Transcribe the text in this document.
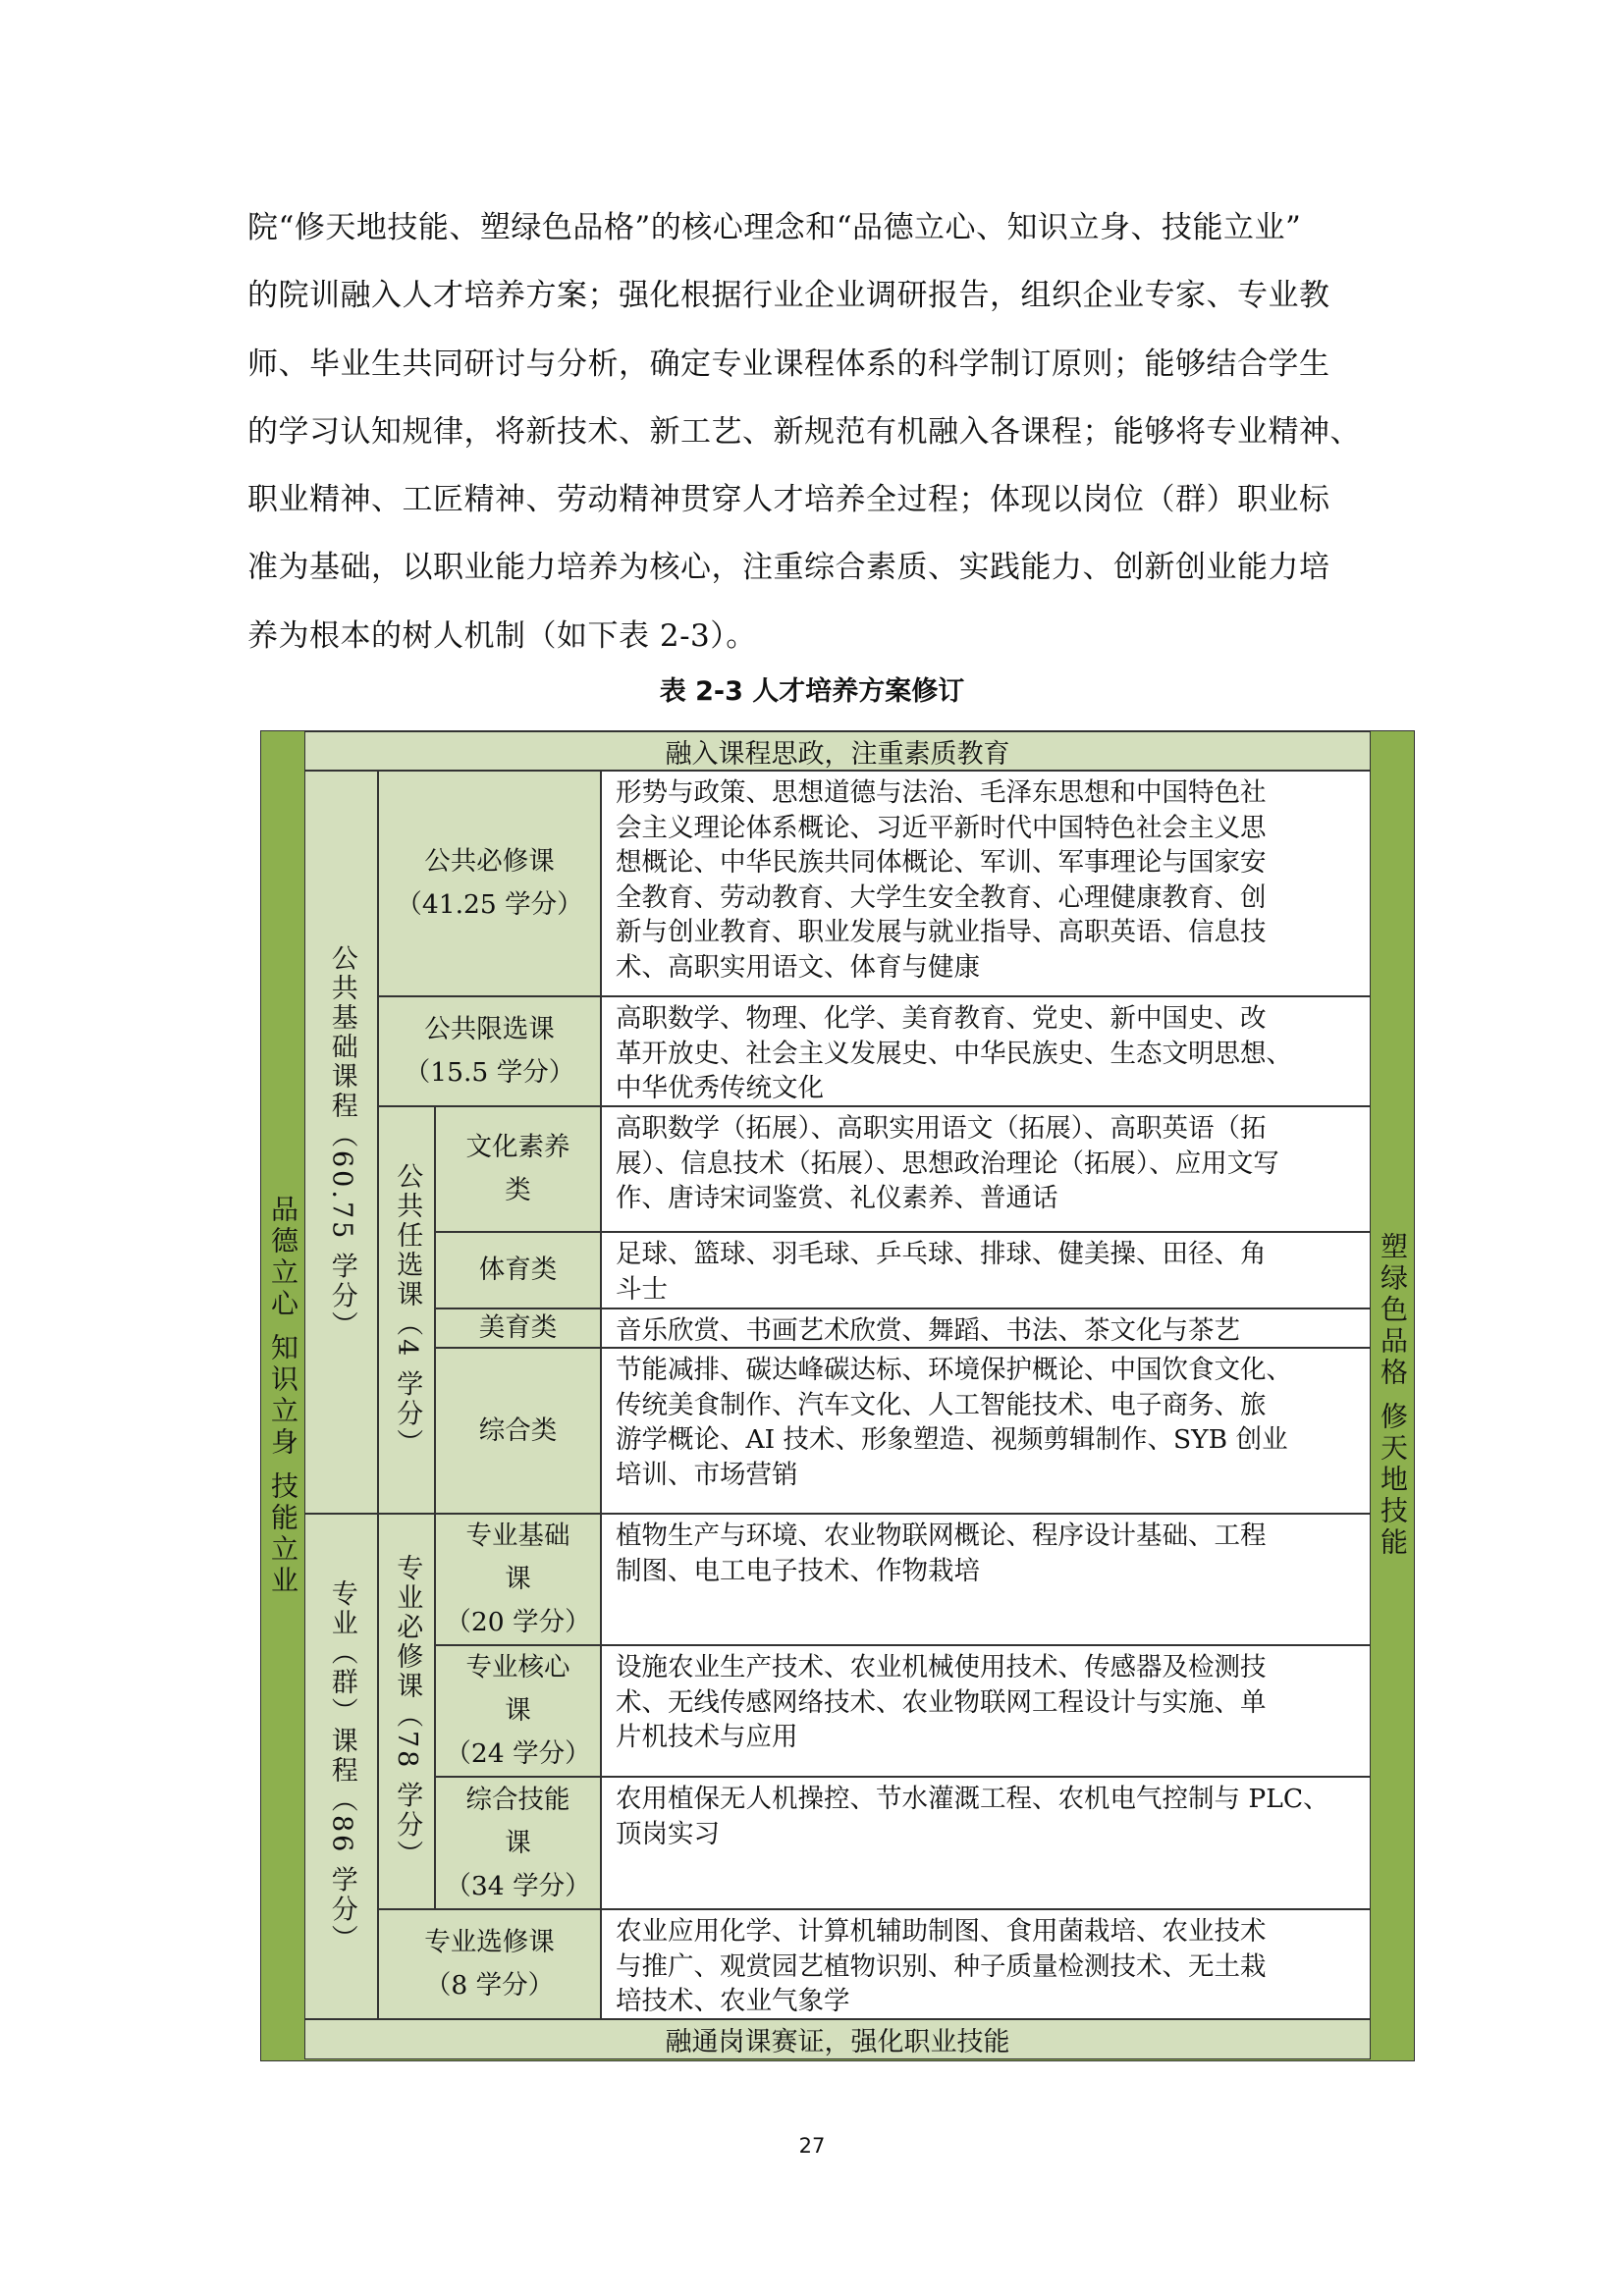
院“修天地技能、塑绿色品格”的核心理念和“品德立心、知识立身、技能立业”
的院训融入人才培养方案；强化根据行业企业调研报告，组织企业专家、专业教
师、毕业生共同研讨与分析，确定专业课程体系的科学制订原则；能够结合学生
的学习认知规律，将新技术、新工艺、新规范有机融入各课程；能够将专业精神、
职业精神、工匠精神、劳动精神贯穿人才培养全过程；体现以岗位（群）职业标
准为基础，以职业能力培养为核心，注重综合素质、实践能力、创新创业能力培
养为根本的树人机制（如下表 2-3）。
表 2-3 人才培养方案修订
品德立心 知识立身 技能立业	塑绿色品格 修天地技能
融入课程思政，注重素质教育
公共基础课程
（60.75 学分）
公共必修课
（41.25 学分）
形势与政策、思想道德与法治、毛泽东思想和中国特色社
会主义理论体系概论、习近平新时代中国特色社会主义思
想概论、中华民族共同体概论、军训、军事理论与国家安
全教育、劳动教育、大学生安全教育、心理健康教育、创
新与创业教育、职业发展与就业指导、高职英语、信息技
术、高职实用语文、体育与健康
公共限选课
（15.5 学分）
高职数学、物理、化学、美育教育、党史、新中国史、改
革开放史、社会主义发展史、中华民族史、生态文明思想、
中华优秀传统文化
公共任选课
（4 学分）
文化素养
类
高职数学（拓展）、高职实用语文（拓展）、高职英语（拓
展）、信息技术（拓展）、思想政治理论（拓展）、应用文写
作、唐诗宋词鉴赏、礼仪素养、普通话
体育类
足球、篮球、羽毛球、乒乓球、排球、健美操、田径、角
斗士
美育类	音乐欣赏、书画艺术欣赏、舞蹈、书法、茶文化与茶艺
综合类
节能减排、碳达峰碳达标、环境保护概论、中国饮食文化、
传统美食制作、汽车文化、人工智能技术、电子商务、旅
游学概论、AI 技术、形象塑造、视频剪辑制作、SYB 创业
培训、市场营销
专业（群）课程
（86 学分）
专业必修课
（78 学分）
专业基础
课
（20 学分）
植物生产与环境、农业物联网概论、程序设计基础、工程
制图、电工电子技术、作物栽培
专业核心
课
（24 学分）
设施农业生产技术、农业机械使用技术、传感器及检测技
术、无线传感网络技术、农业物联网工程设计与实施、单
片机技术与应用
综合技能
课
（34 学分）
农用植保无人机操控、节水灌溉工程、农机电气控制与 PLC、
顶岗实习
专业选修课
（8 学分）
农业应用化学、计算机辅助制图、食用菌栽培、农业技术
与推广、观赏园艺植物识别、种子质量检测技术、无土栽
培技术、农业气象学
融通岗课赛证，强化职业技能
27
